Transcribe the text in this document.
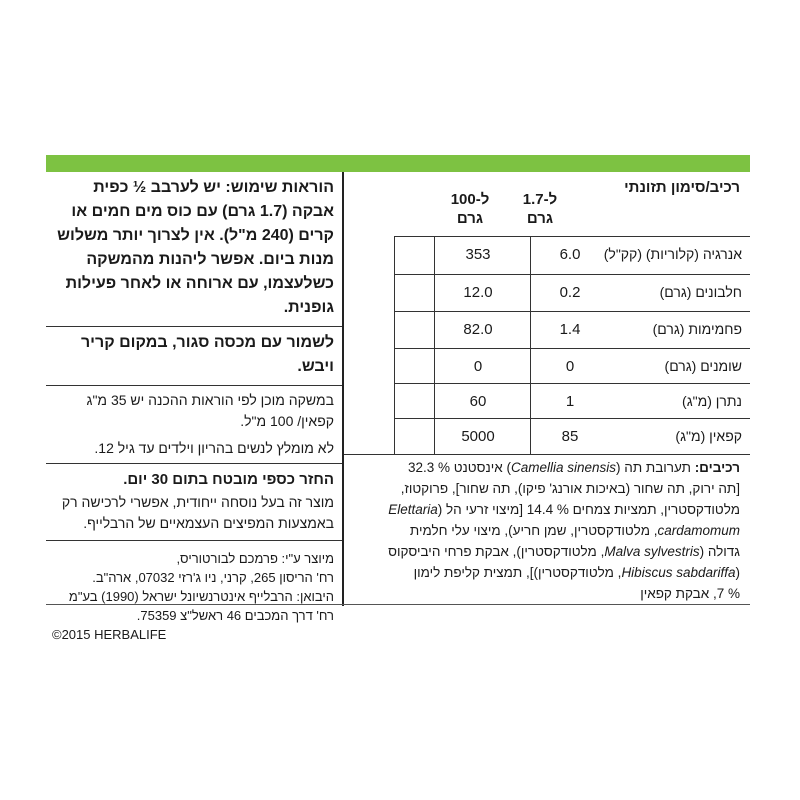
רכיב/סימון תזונתי
ל-1.7 גרם
ל-100 גרם
אנרגיה (קלוריות) (קק"ל)
6.0
353
חלבונים (גרם)
0.2
12.0
פחמימות (גרם)
1.4
82.0
שומנים (גרם)
0
0
נתרן (מ"ג)
1
60
קפאין (מ"ג)
85
5000
רכיבים: תערובת תה (Camellia sinensis) אינסטנט % 32.3
[תה ירוק, תה שחור (באיכות אורנג' פיקו), תה שחור], פרוקטוז,
מלטודקסטרין, תמציות צמחים % 14.4 [מיצוי זרעי הל (Elettaria
cardamomum, מלטודקסטרין, שמן חריע), מיצוי עלי חלמית
גדולה (Malva sylvestris, מלטודקסטרין), אבקת פרחי היביסקוס
(Hibiscus sabdariffa, מלטודקסטרין)], תמצית קליפת לימון
% 7, אבקת קפאין
הוראות שימוש: יש לערבב ½ כפית אבקה (1.7 גרם) עם כוס מים חמים או קרים (240 מ"ל). אין לצרוך יותר משלוש מנות ביום. אפשר ליהנות מהמשקה כשלעצמו, עם ארוחה או לאחר פעילות גופנית.
לשמור עם מכסה סגור, במקום קריר ויבש.
במשקה מוכן לפי הוראות ההכנה יש 35 מ"ג קפאין/ 100 מ"ל.
לא מומלץ לנשים בהריון וילדים עד גיל 12.
החזר כספי מובטח בתום 30 יום.
מוצר זה בעל נוסחה ייחודית, אפשרי לרכישה רק באמצעות המפיצים העצמאיים של הרבלייף.
מיוצר ע"י: פרמכם לבורטוריס,
רח' הריסון 265, קרני, ניו ג'רזי 07032, ארה"ב.
היבואן: הרבלייף אינטרנשיונל ישראל (1990) בע"מ
רח' דרך המכבים 46 ראשל"צ 75359.
©2015 HERBALIFE
